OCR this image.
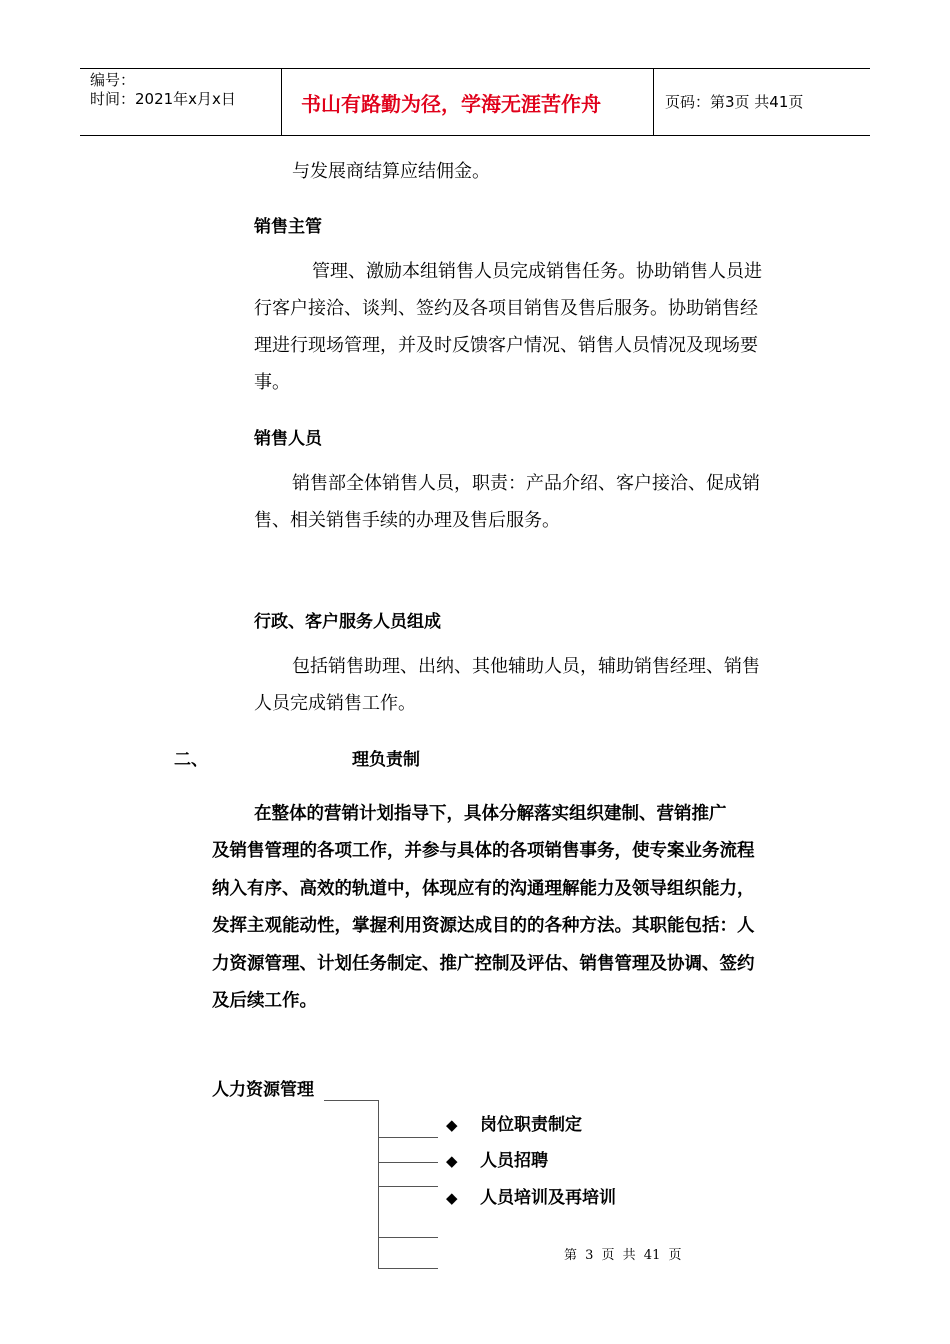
编号：
时间：2021年x月x日	书山有路勤为径，学海无涯苦作舟	页码：第3页 共41页
与发展商结算应结佣金。
销售主管
管理、激励本组销售人员完成销售任务。协助销售人员进
行客户接洽、谈判、签约及各项目销售及售后服务。协助销售经
理进行现场管理，并及时反馈客户情况、销售人员情况及现场要
事。
销售人员
销售部全体销售人员，职责：产品介绍、客户接洽、促成销
售、相关销售手续的办理及售后服务。
行政、客户服务人员组成
包括销售助理、出纳、其他辅助人员，辅助销售经理、销售
人员完成销售工作。
二、	理负责制
在整体的营销计划指导下，具体分解落实组织建制、营销推广
及销售管理的各项工作，并参与具体的各项销售事务，使专案业务流程
纳入有序、高效的轨道中，体现应有的沟通理解能力及领导组织能力，
发挥主观能动性，掌握利用资源达成目的的各种方法。其职能包括：人
力资源管理、计划任务制定、推广控制及评估、销售管理及协调、签约
及后续工作。
人力资源管理
◆ 岗位职责制定
◆ 人员招聘
◆ 人员培训及再培训
第 3 页 共 41 页
